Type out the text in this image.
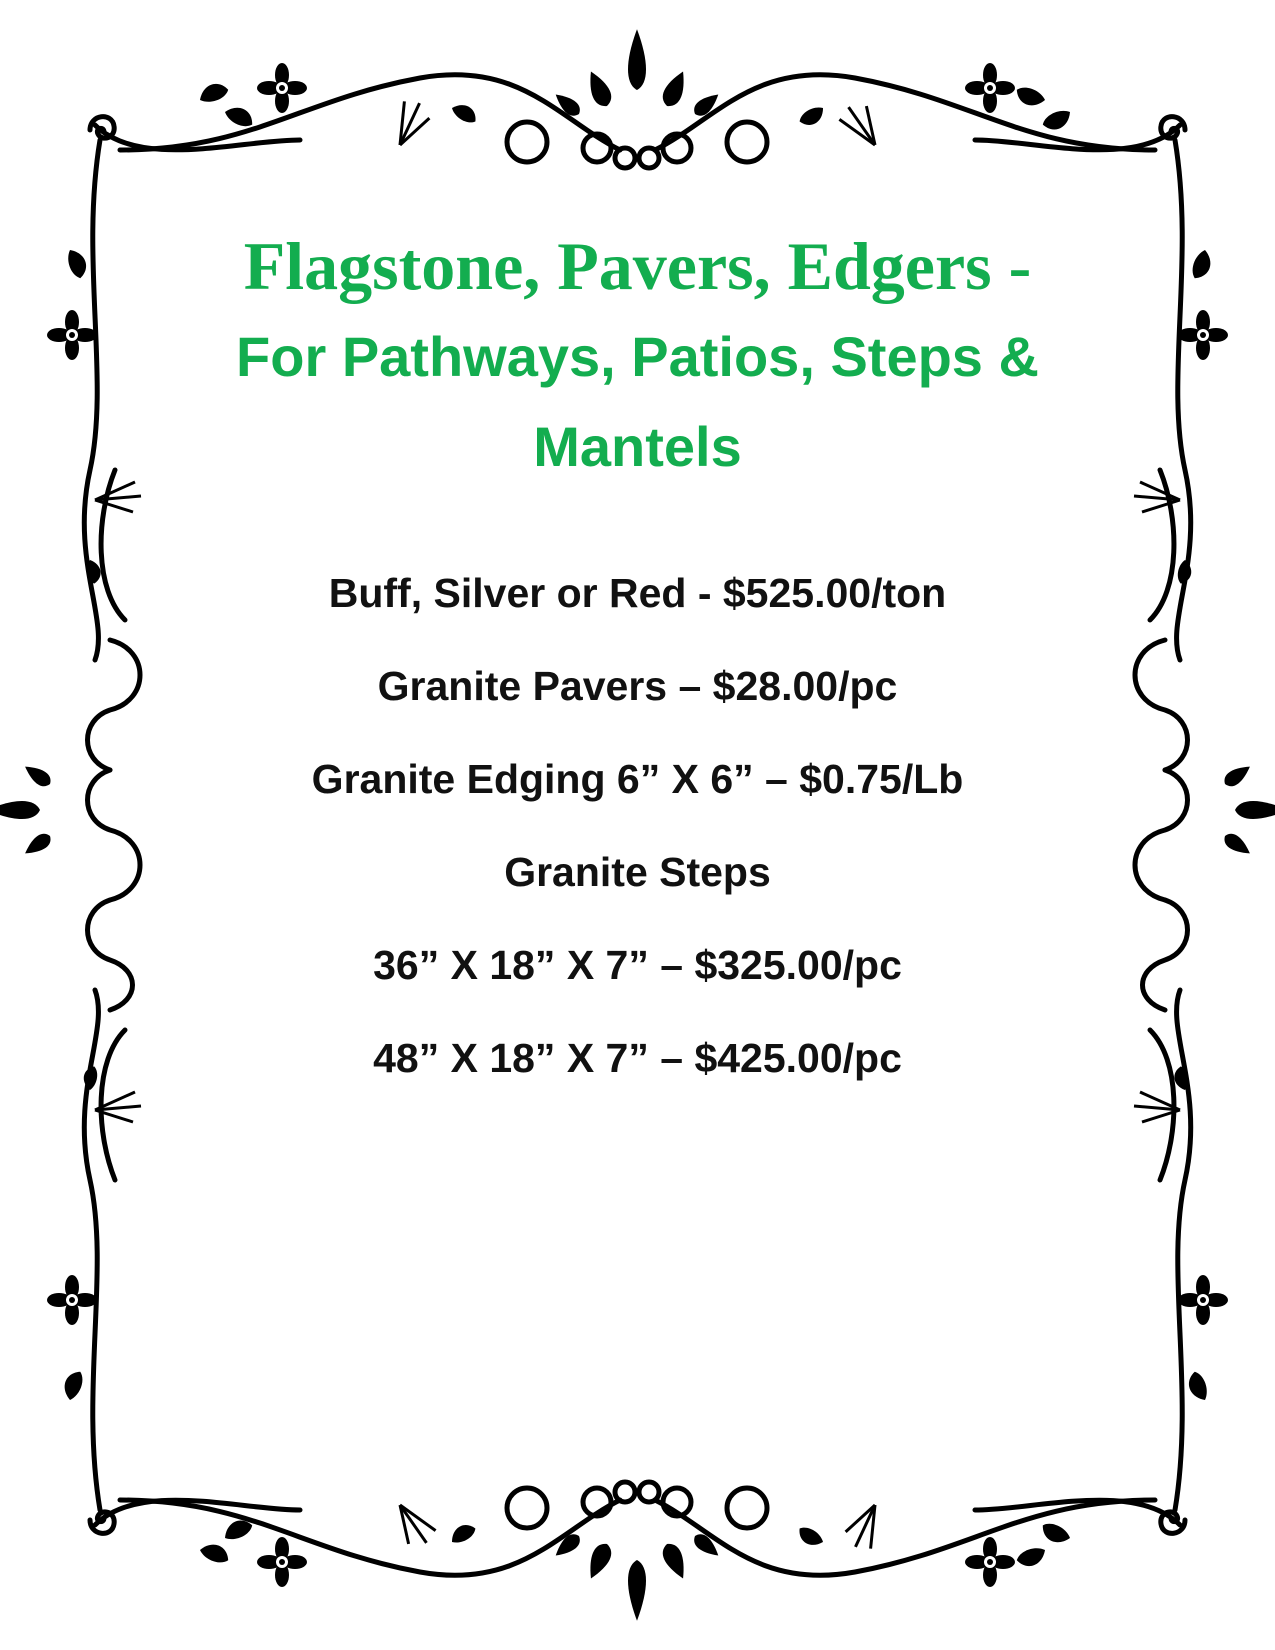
Flagstone, Pavers, Edgers -
For Pathways, Patios, Steps &
Mantels
Buff, Silver or Red - $525.00/ton
Granite Pavers – $28.00/pc
Granite Edging 6” X 6” – $0.75/Lb
Granite Steps
36” X 18” X 7” – $325.00/pc
48” X 18” X 7” – $425.00/pc
